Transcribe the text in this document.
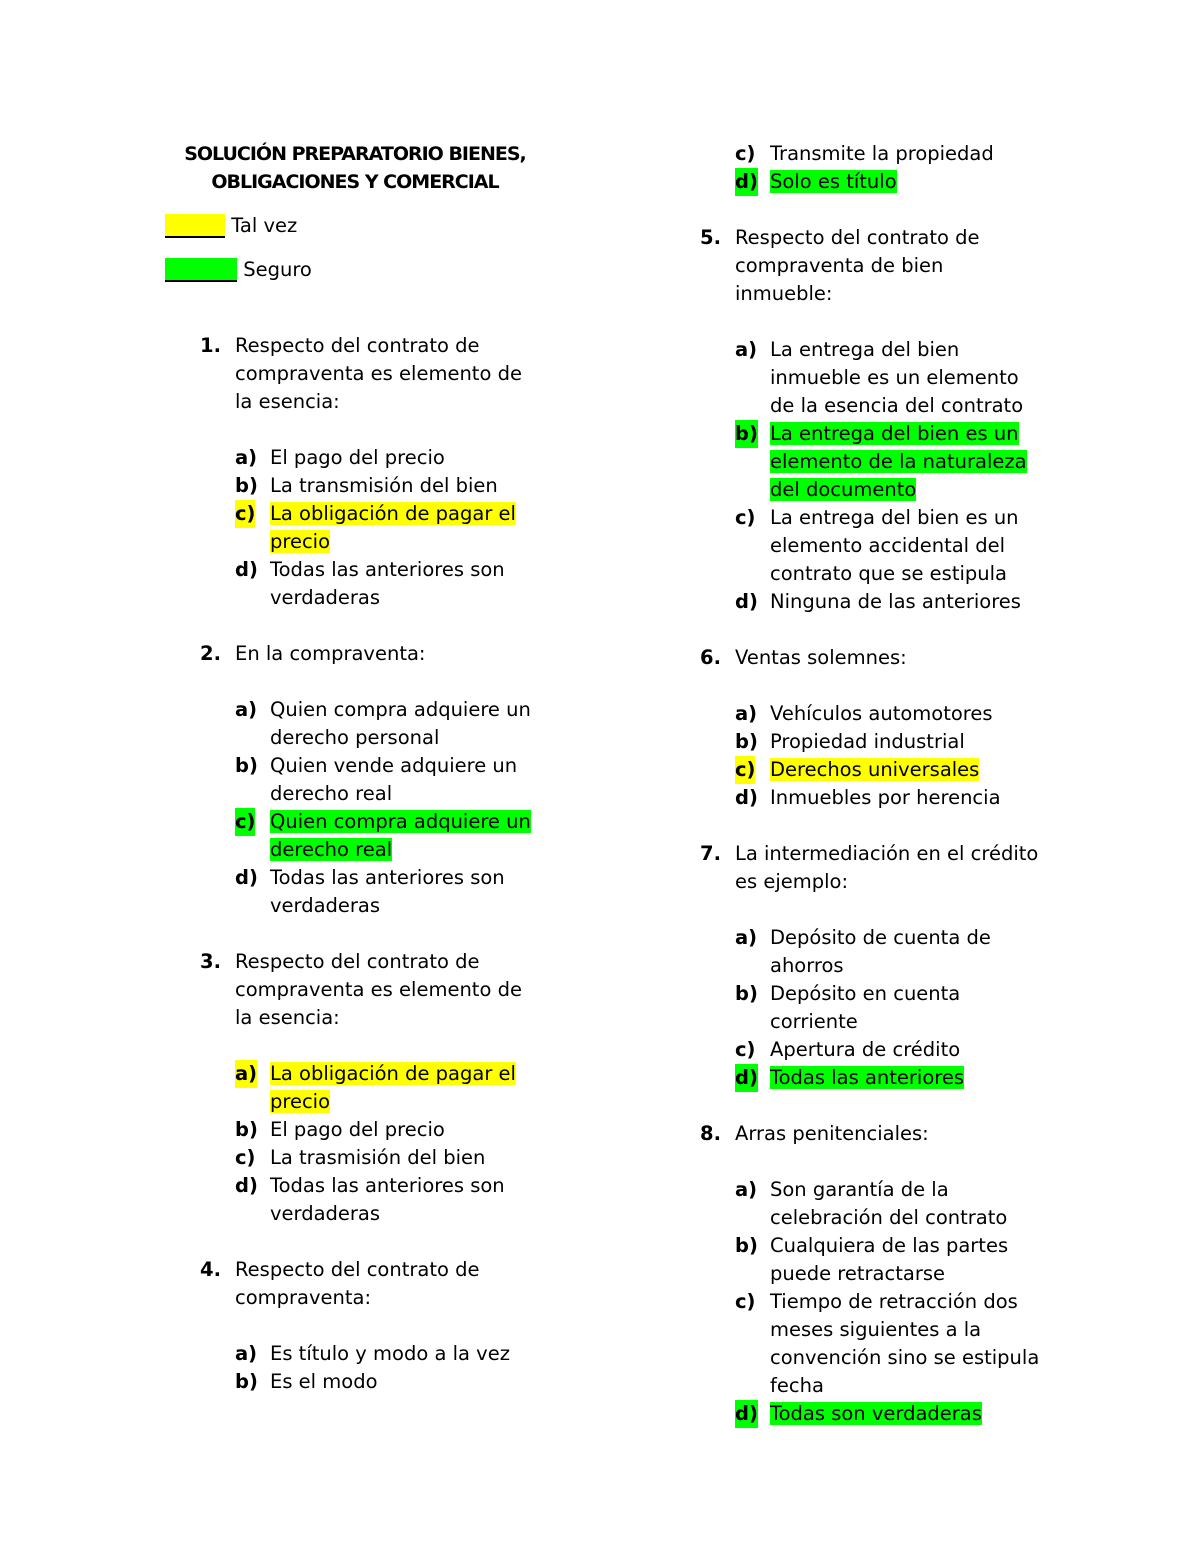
SOLUCIÓN PREPARATORIO BIENES,
OBLIGACIONES Y COMERCIAL
Tal vez
Seguro
1. Respecto del contrato de compraventa es elemento de la esencia:
a) El pago del precio
b) La transmisión del bien
c) La obligación de pagar el precio
d) Todas las anteriores son verdaderas
2. En la compraventa:
a) Quien compra adquiere un derecho personal
b) Quien vende adquiere un derecho real
c) Quien compra adquiere un derecho real
d) Todas las anteriores son verdaderas
3. Respecto del contrato de compraventa es elemento de la esencia:
a) La obligación de pagar el precio
b) El pago del precio
c) La trasmisión del bien
d) Todas las anteriores son verdaderas
4. Respecto del contrato de compraventa:
a) Es título y modo a la vez
b) Es el modo
c) Transmite la propiedad
d) Solo es título
5. Respecto del contrato de compraventa de bien inmueble:
a) La entrega del bien inmueble es un elemento de la esencia del contrato
b) La entrega del bien es un elemento de la naturaleza del documento
c) La entrega del bien es un elemento accidental del contrato que se estipula
d) Ninguna de las anteriores
6. Ventas solemnes:
a) Vehículos automotores
b) Propiedad industrial
c) Derechos universales
d) Inmuebles por herencia
7. La intermediación en el crédito es ejemplo:
a) Depósito de cuenta de ahorros
b) Depósito en cuenta corriente
c) Apertura de crédito
d) Todas las anteriores
8. Arras penitenciales:
a) Son garantía de la celebración del contrato
b) Cualquiera de las partes puede retractarse
c) Tiempo de retracción dos meses siguientes a la convención sino se estipula fecha
d) Todas son verdaderas
